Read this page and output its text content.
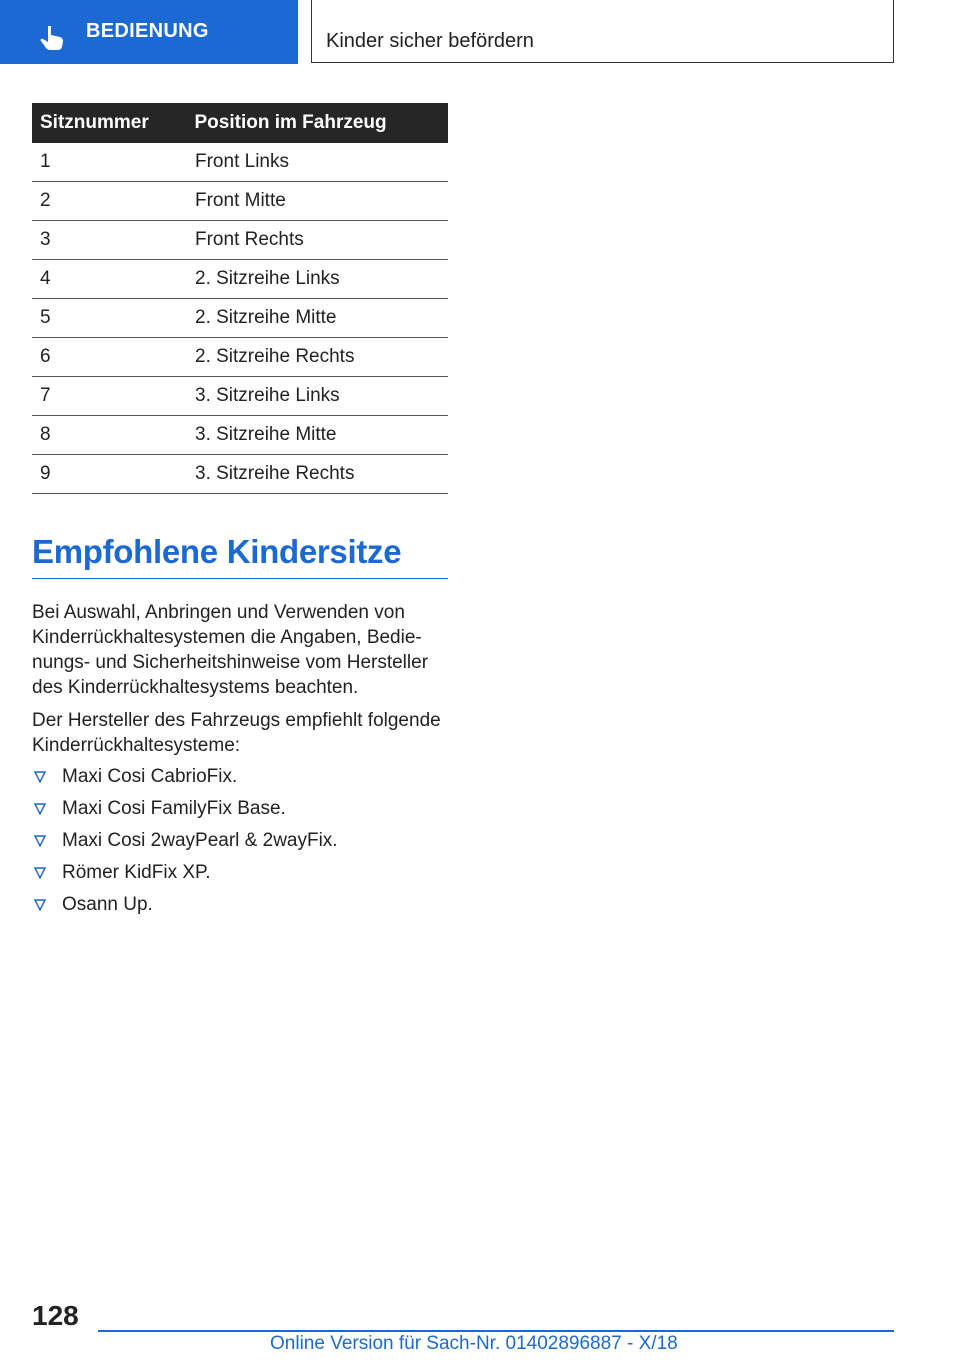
BEDIENUNG	Kinder sicher befördern
Sitznummer	Position im Fahrzeug
1	Front Links
2	Front Mitte
3	Front Rechts
4	2. Sitzreihe Links
5	2. Sitzreihe Mitte
6	2. Sitzreihe Rechts
7	3. Sitzreihe Links
8	3. Sitzreihe Mitte
9	3. Sitzreihe Rechts
Empfohlene Kindersitze

Bei Auswahl, Anbringen und Verwenden von Kinderrückhaltesystemen die Angaben, Bedienungs- und Sicherheitshinweise vom Hersteller des Kinderrückhaltesystems beachten.

Der Hersteller des Fahrzeugs empfiehlt folgende Kinderrückhaltesysteme:

Maxi Cosi CabrioFix.
Maxi Cosi FamilyFix Base.
Maxi Cosi 2wayPearl & 2wayFix.
Römer KidFix XP.
Osann Up.
128
Online Version für Sach-Nr. 01402896887 - X/18
